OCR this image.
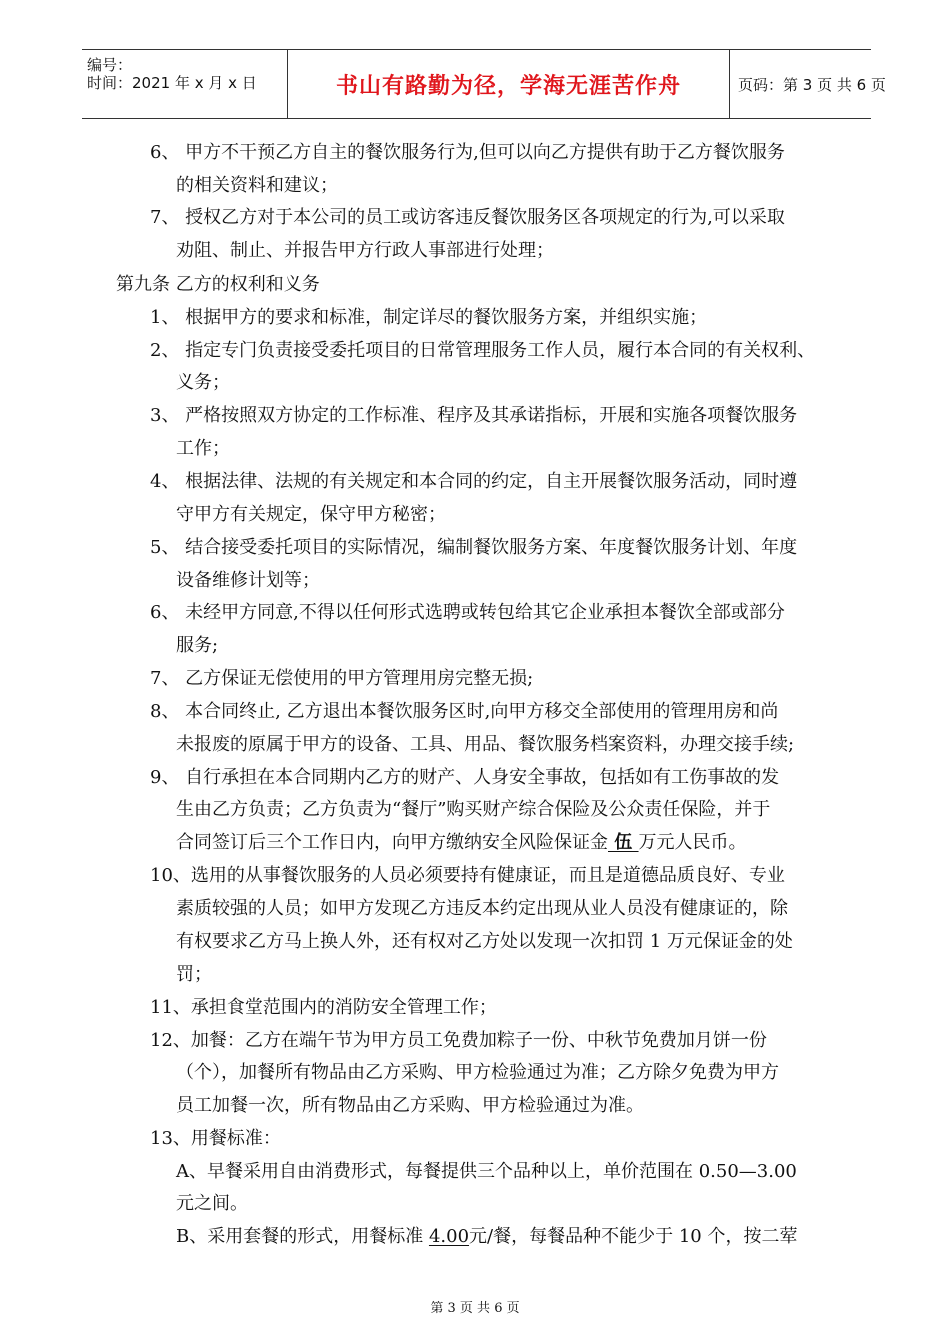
编号：
时间：2021 年 x 月 x 日	书山有路勤为径，学海无涯苦作舟	页码：第 3 页 共 6 页
6、 甲方不干预乙方自主的餐饮服务行为,但可以向乙方提供有助于乙方餐饮服务
的相关资料和建议；
7、 授权乙方对于本公司的员工或访客违反餐饮服务区各项规定的行为,可以采取
劝阻、制止、并报告甲方行政人事部进行处理；
第九条 乙方的权利和义务
1、 根据甲方的要求和标准，制定详尽的餐饮服务方案，并组织实施；
2、 指定专门负责接受委托项目的日常管理服务工作人员，履行本合同的有关权利、
义务；
3、 严格按照双方协定的工作标准、程序及其承诺指标，开展和实施各项餐饮服务
工作；
4、 根据法律、法规的有关规定和本合同的约定，自主开展餐饮服务活动，同时遵
守甲方有关规定，保守甲方秘密；
5、 结合接受委托项目的实际情况，编制餐饮服务方案、年度餐饮服务计划、年度
设备维修计划等；
6、 未经甲方同意,不得以任何形式选聘或转包给其它企业承担本餐饮全部或部分
服务;
7、 乙方保证无偿使用的甲方管理用房完整无损;
8、 本合同终止, 乙方退出本餐饮服务区时,向甲方移交全部使用的管理用房和尚
未报废的原属于甲方的设备、工具、用品、餐饮服务档案资料，办理交接手续;
9、 自行承担在本合同期内乙方的财产、人身安全事故，包括如有工伤事故的发
生由乙方负责；乙方负责为“餐厅”购买财产综合保险及公众责任保险，并于
合同签订后三个工作日内，向甲方缴纳安全风险保证金 伍 万元人民币。
10、选用的从事餐饮服务的人员必须要持有健康证，而且是道德品质良好、专业
素质较强的人员；如甲方发现乙方违反本约定出现从业人员没有健康证的，除
有权要求乙方马上换人外，还有权对乙方处以发现一次扣罚 1 万元保证金的处
罚；
11、承担食堂范围内的消防安全管理工作；
12、加餐：乙方在端午节为甲方员工免费加粽子一份、中秋节免费加月饼一份
（个），加餐所有物品由乙方采购、甲方检验通过为准；乙方除夕免费为甲方
员工加餐一次，所有物品由乙方采购、甲方检验通过为准。
13、用餐标准：
A、早餐采用自由消费形式，每餐提供三个品种以上，单价范围在 0.50—3.00
元之间。
B、采用套餐的形式，用餐标准 4.00元/餐，每餐品种不能少于 10 个，按二荤
第 3 页 共 6 页
